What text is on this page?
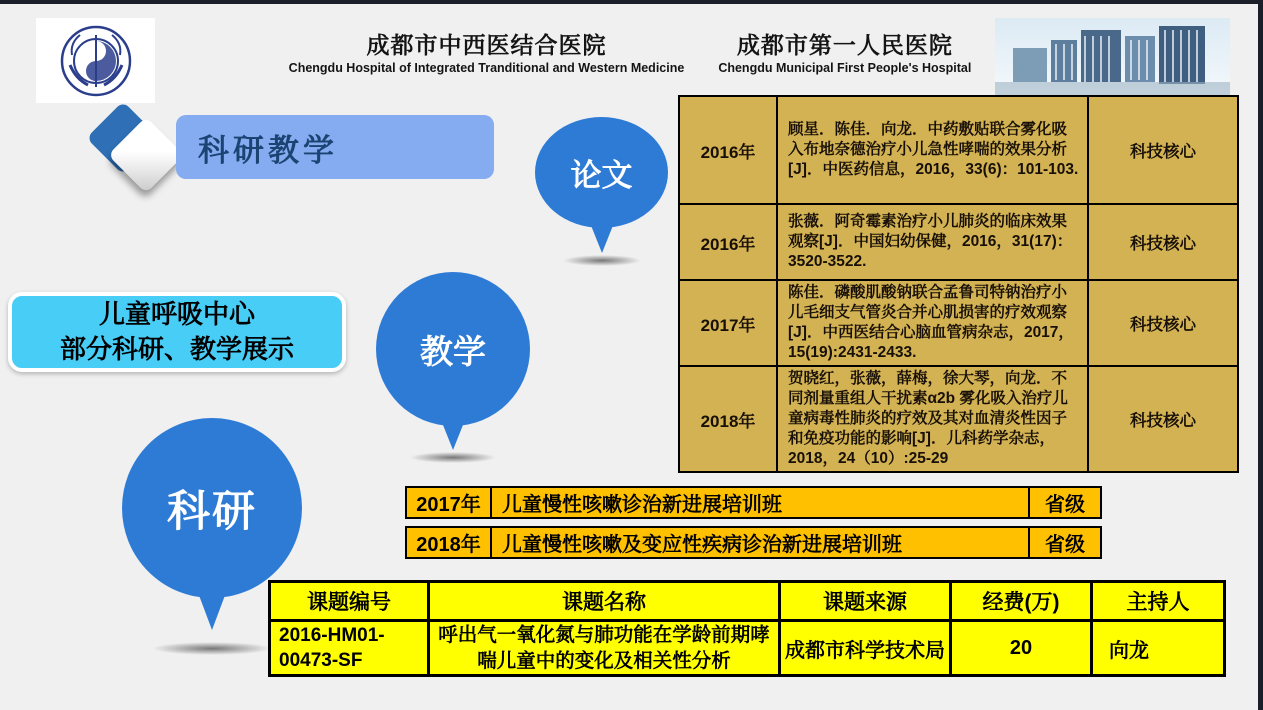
成都市中西医结合医院
Chengdu Hospital of Integrated Tranditional and Western Medicine
成都市第一人民医院
Chengdu Municipal First People's Hospital
科研教学
论文
教学
科研
儿童呼吸中心
部分科研、教学展示
2016年	顾星．陈佳．向龙．中药敷贴联合雾化吸入布地奈德治疗小儿急性哮喘的效果分析[J]．中医药信息，2016，33(6)：101-103.	科技核心
2016年	张薇．阿奇霉素治疗小儿肺炎的临床效果观察[J]．中国妇幼保健，2016，31(17)：3520-3522.	科技核心
2017年	陈佳．磷酸肌酸钠联合孟鲁司特钠治疗小儿毛细支气管炎合并心肌损害的疗效观察[J]．中西医结合心脑血管病杂志，2017，15(19):2431-2433.	科技核心
2018年	贺晓红，张薇，薛梅，徐大琴，向龙．不同剂量重组人干扰素α2b 雾化吸入治疗儿童病毒性肺炎的疗效及其对血清炎性因子和免疫功能的影响[J]．儿科药学杂志，2018，24（10）:25-29	科技核心
2017年	儿童慢性咳嗽诊治新进展培训班	省级
2018年	儿童慢性咳嗽及变应性疾病诊治新进展培训班	省级
课题编号	课题名称	课题来源	经费(万)	主持人
2016-HM01-00473-SF	呼出气一氧化氮与肺功能在学龄前期哮喘儿童中的变化及相关性分析	成都市科学技术局	20	向龙
